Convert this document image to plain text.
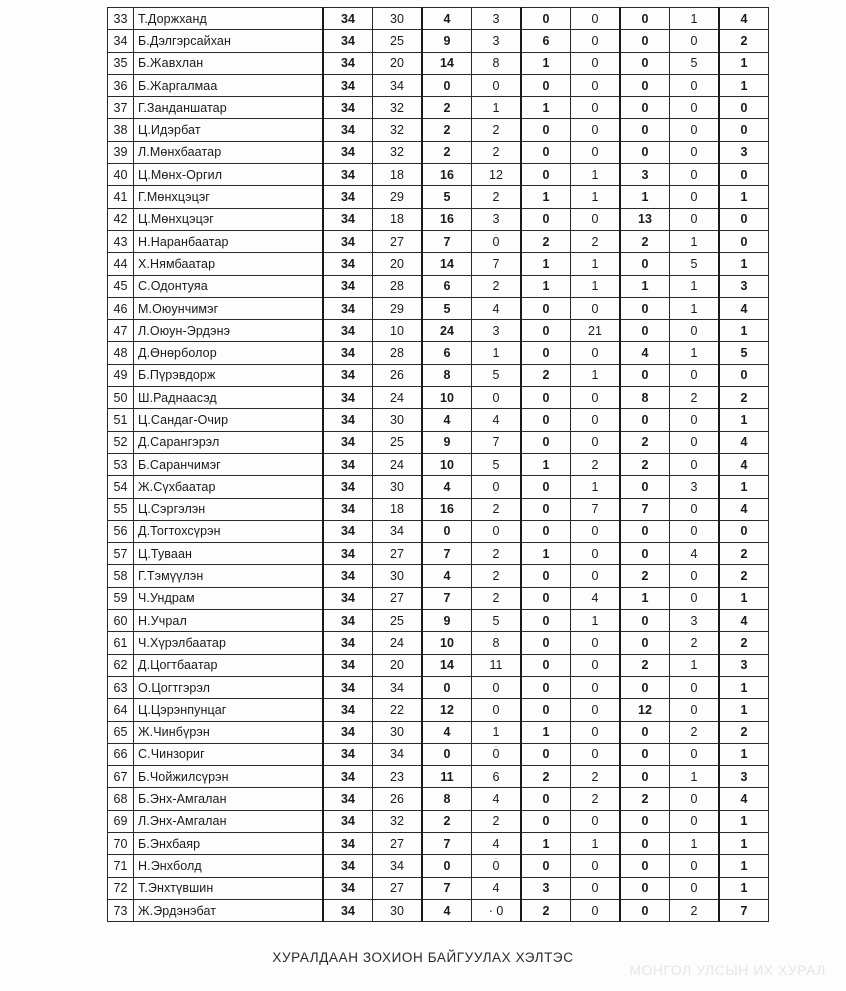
33	Т.Доржханд	34	30	4	3	0	0	0	1	4
34	Б.Дэлгэрсайхан	34	25	9	3	6	0	0	0	2
35	Б.Жавхлан	34	20	14	8	1	0	0	5	1
36	Б.Жаргалмаа	34	34	0	0	0	0	0	0	1
37	Г.Занданшатар	34	32	2	1	1	0	0	0	0
38	Ц.Идэрбат	34	32	2	2	0	0	0	0	0
39	Л.Мөнхбаатар	34	32	2	2	0	0	0	0	3
40	Ц.Мөнх-Оргил	34	18	16	12	0	1	3	0	0
41	Г.Мөнхцэцэг	34	29	5	2	1	1	1	0	1
42	Ц.Мөнхцэцэг	34	18	16	3	0	0	13	0	0
43	Н.Наранбаатар	34	27	7	0	2	2	2	1	0
44	Х.Нямбаатар	34	20	14	7	1	1	0	5	1
45	С.Одонтуяа	34	28	6	2	1	1	1	1	3
46	М.Оюунчимэг	34	29	5	4	0	0	0	1	4
47	Л.Оюун-Эрдэнэ	34	10	24	3	0	21	0	0	1
48	Д.Өнөрболор	34	28	6	1	0	0	4	1	5
49	Б.Пүрэвдорж	34	26	8	5	2	1	0	0	0
50	Ш.Раднаасэд	34	24	10	0	0	0	8	2	2
51	Ц.Сандаг-Очир	34	30	4	4	0	0	0	0	1
52	Д.Сарангэрэл	34	25	9	7	0	0	2	0	4
53	Б.Саранчимэг	34	24	10	5	1	2	2	0	4
54	Ж.Сүхбаатар	34	30	4	0	0	1	0	3	1
55	Ц.Сэргэлэн	34	18	16	2	0	7	7	0	4
56	Д.Тогтохсүрэн	34	34	0	0	0	0	0	0	0
57	Ц.Туваан	34	27	7	2	1	0	0	4	2
58	Г.Тэмүүлэн	34	30	4	2	0	0	2	0	2
59	Ч.Ундрам	34	27	7	2	0	4	1	0	1
60	Н.Учрал	34	25	9	5	0	1	0	3	4
61	Ч.Хүрэлбаатар	34	24	10	8	0	0	0	2	2
62	Д.Цогтбаатар	34	20	14	11	0	0	2	1	3
63	О.Цогтгэрэл	34	34	0	0	0	0	0	0	1
64	Ц.Цэрэнпунцаг	34	22	12	0	0	0	12	0	1
65	Ж.Чинбүрэн	34	30	4	1	1	0	0	2	2
66	С.Чинзориг	34	34	0	0	0	0	0	0	1
67	Б.Чойжилсүрэн	34	23	11	6	2	2	0	1	3
68	Б.Энх-Амгалан	34	26	8	4	0	2	2	0	4
69	Л.Энх-Амгалан	34	32	2	2	0	0	0	0	1
70	Б.Энхбаяр	34	27	7	4	1	1	0	1	1
71	Н.Энхболд	34	34	0	0	0	0	0	0	1
72	Т.Энхтүвшин	34	27	7	4	3	0	0	0	1
73	Ж.Эрдэнэбат	34	30	4	· 0	2	0	0	2	7
ХУРАЛДААН ЗОХИОН БАЙГУУЛАХ ХЭЛТЭС
МОНГОЛ УЛСЫН ИХ ХУРАЛ
